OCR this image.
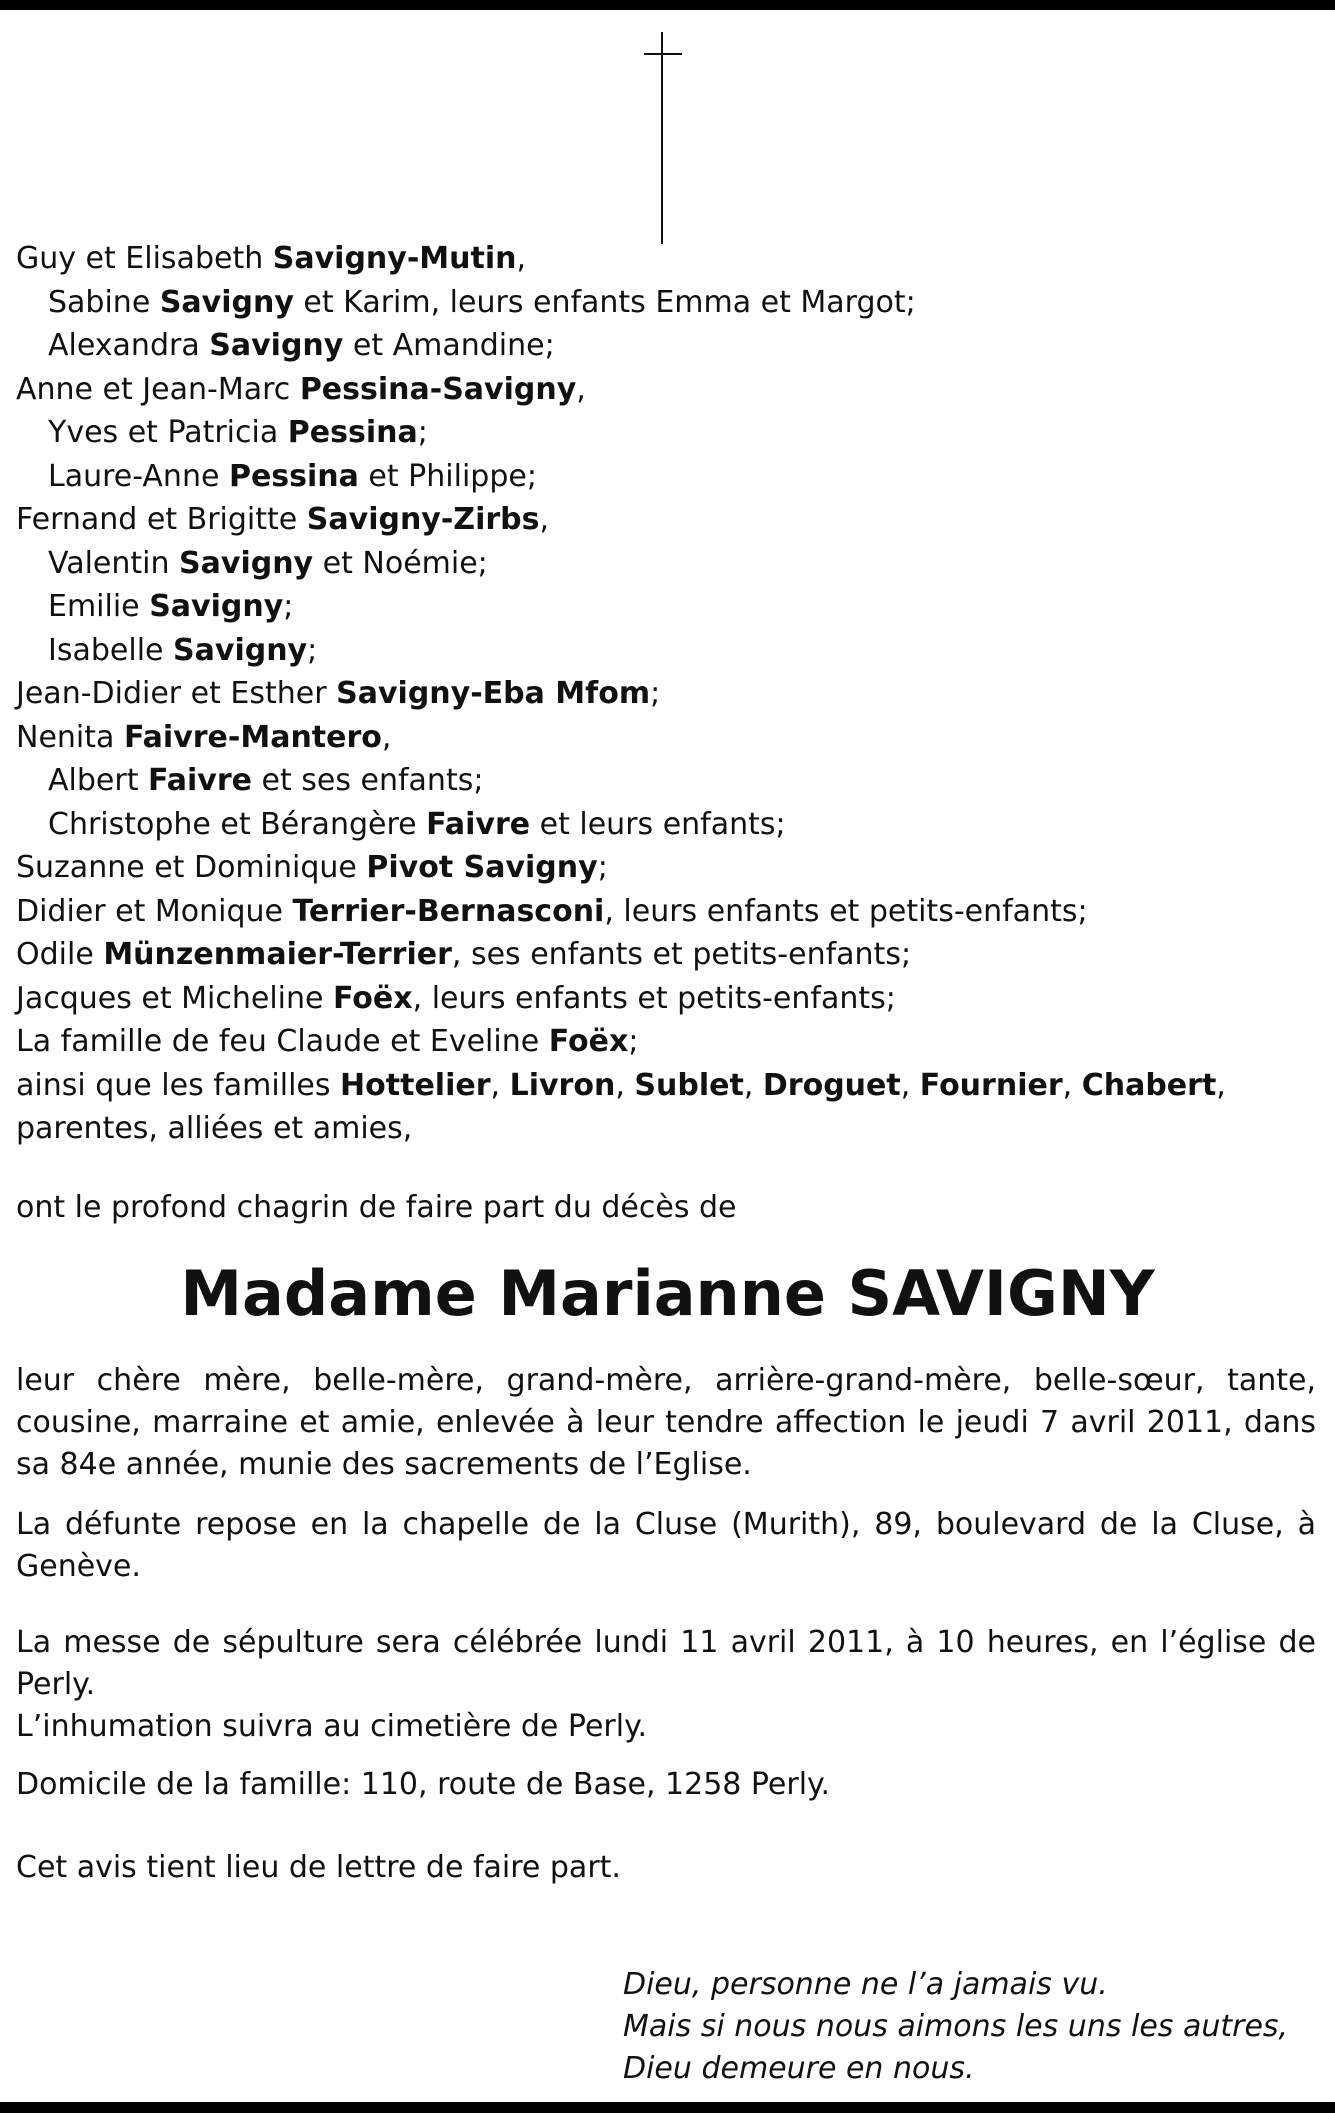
Guy et Elisabeth Savigny-Mutin,
Sabine Savigny et Karim, leurs enfants Emma et Margot;
Alexandra Savigny et Amandine;
Anne et Jean-Marc Pessina-Savigny,
Yves et Patricia Pessina;
Laure-Anne Pessina et Philippe;
Fernand et Brigitte Savigny-Zirbs,
Valentin Savigny et Noémie;
Emilie Savigny;
Isabelle Savigny;
Jean-Didier et Esther Savigny-Eba Mfom;
Nenita Faivre-Mantero,
Albert Faivre et ses enfants;
Christophe et Bérangère Faivre et leurs enfants;
Suzanne et Dominique Pivot Savigny;
Didier et Monique Terrier-Bernasconi, leurs enfants et petits-enfants;
Odile Münzenmaier-Terrier, ses enfants et petits-enfants;
Jacques et Micheline Foëx, leurs enfants et petits-enfants;
La famille de feu Claude et Eveline Foëx;
ainsi que les familles Hottelier, Livron, Sublet, Droguet, Fournier, Chabert,
parentes, alliées et amies,
ont le profond chagrin de faire part du décès de
Madame Marianne SAVIGNY
leur chère mère, belle-mère, grand-mère, arrière-grand-mère, belle-sœur, tante, cousine, marraine et amie, enlevée à leur tendre affection le jeudi 7 avril 2011, dans sa 84e année, munie des sacrements de l’Eglise.
La défunte repose en la chapelle de la Cluse (Murith), 89, boulevard de la Cluse, à Genève.
La messe de sépulture sera célébrée lundi 11 avril 2011, à 10 heures, en l’église de Perly.
L’inhumation suivra au cimetière de Perly.
Domicile de la famille: 110, route de Base, 1258 Perly.
Cet avis tient lieu de lettre de faire part.
Dieu, personne ne l’a jamais vu.
Mais si nous nous aimons les uns les autres,
Dieu demeure en nous.
